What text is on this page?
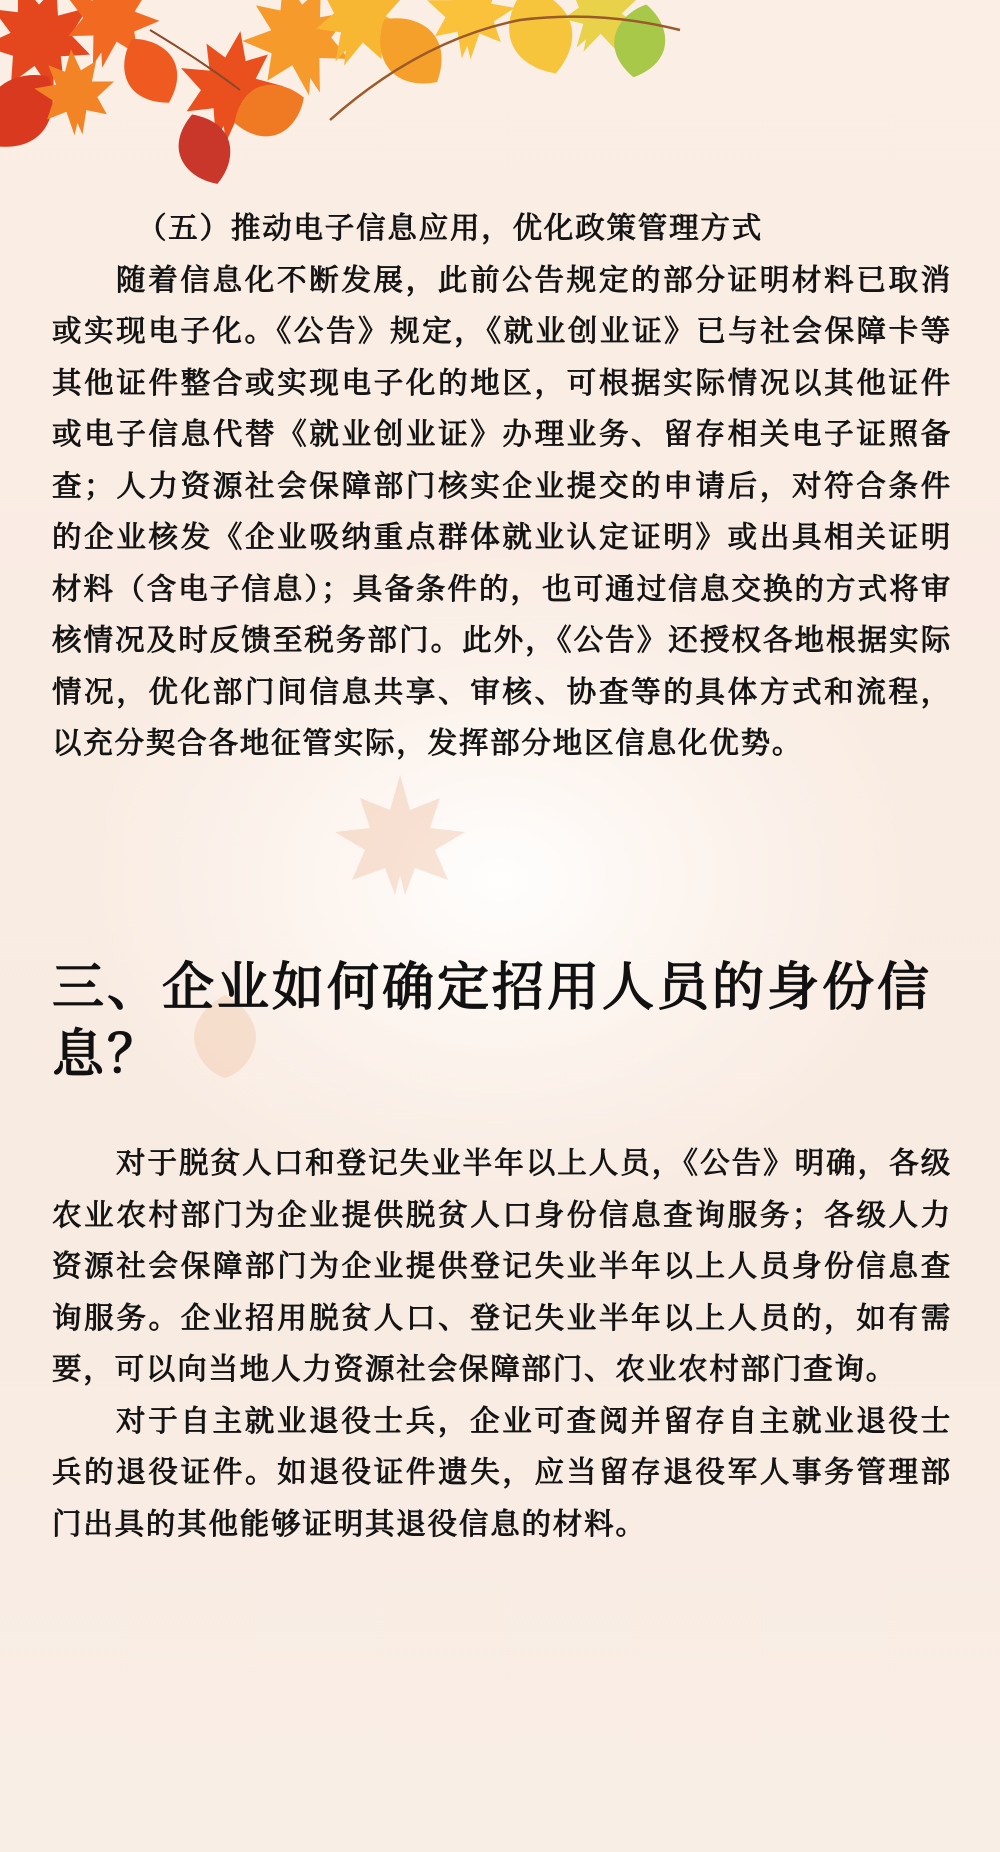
（五）推动电子信息应用，优化政策管理方式

随着信息化不断发展，此前公告规定的部分证明材料已取消或实现电子化。《公告》规定，《就业创业证》已与社会保障卡等其他证件整合或实现电子化的地区，可根据实际情况以其他证件或电子信息代替《就业创业证》办理业务、留存相关电子证照备查；人力资源社会保障部门核实企业提交的申请后，对符合条件的企业核发《企业吸纳重点群体就业认定证明》或出具相关证明材料（含电子信息）；具备条件的，也可通过信息交换的方式将审核情况及时反馈至税务部门。此外，《公告》还授权各地根据实际情况，优化部门间信息共享、审核、协查等的具体方式和流程，以充分契合各地征管实际，发挥部分地区信息化优势。

三、企业如何确定招用人员的身份信息？

对于脱贫人口和登记失业半年以上人员，《公告》明确，各级农业农村部门为企业提供脱贫人口身份信息查询服务；各级人力资源社会保障部门为企业提供登记失业半年以上人员身份信息查询服务。企业招用脱贫人口、登记失业半年以上人员的，如有需要，可以向当地人力资源社会保障部门、农业农村部门查询。

对于自主就业退役士兵，企业可查阅并留存自主就业退役士兵的退役证件。如退役证件遗失，应当留存退役军人事务管理部门出具的其他能够证明其退役信息的材料。
